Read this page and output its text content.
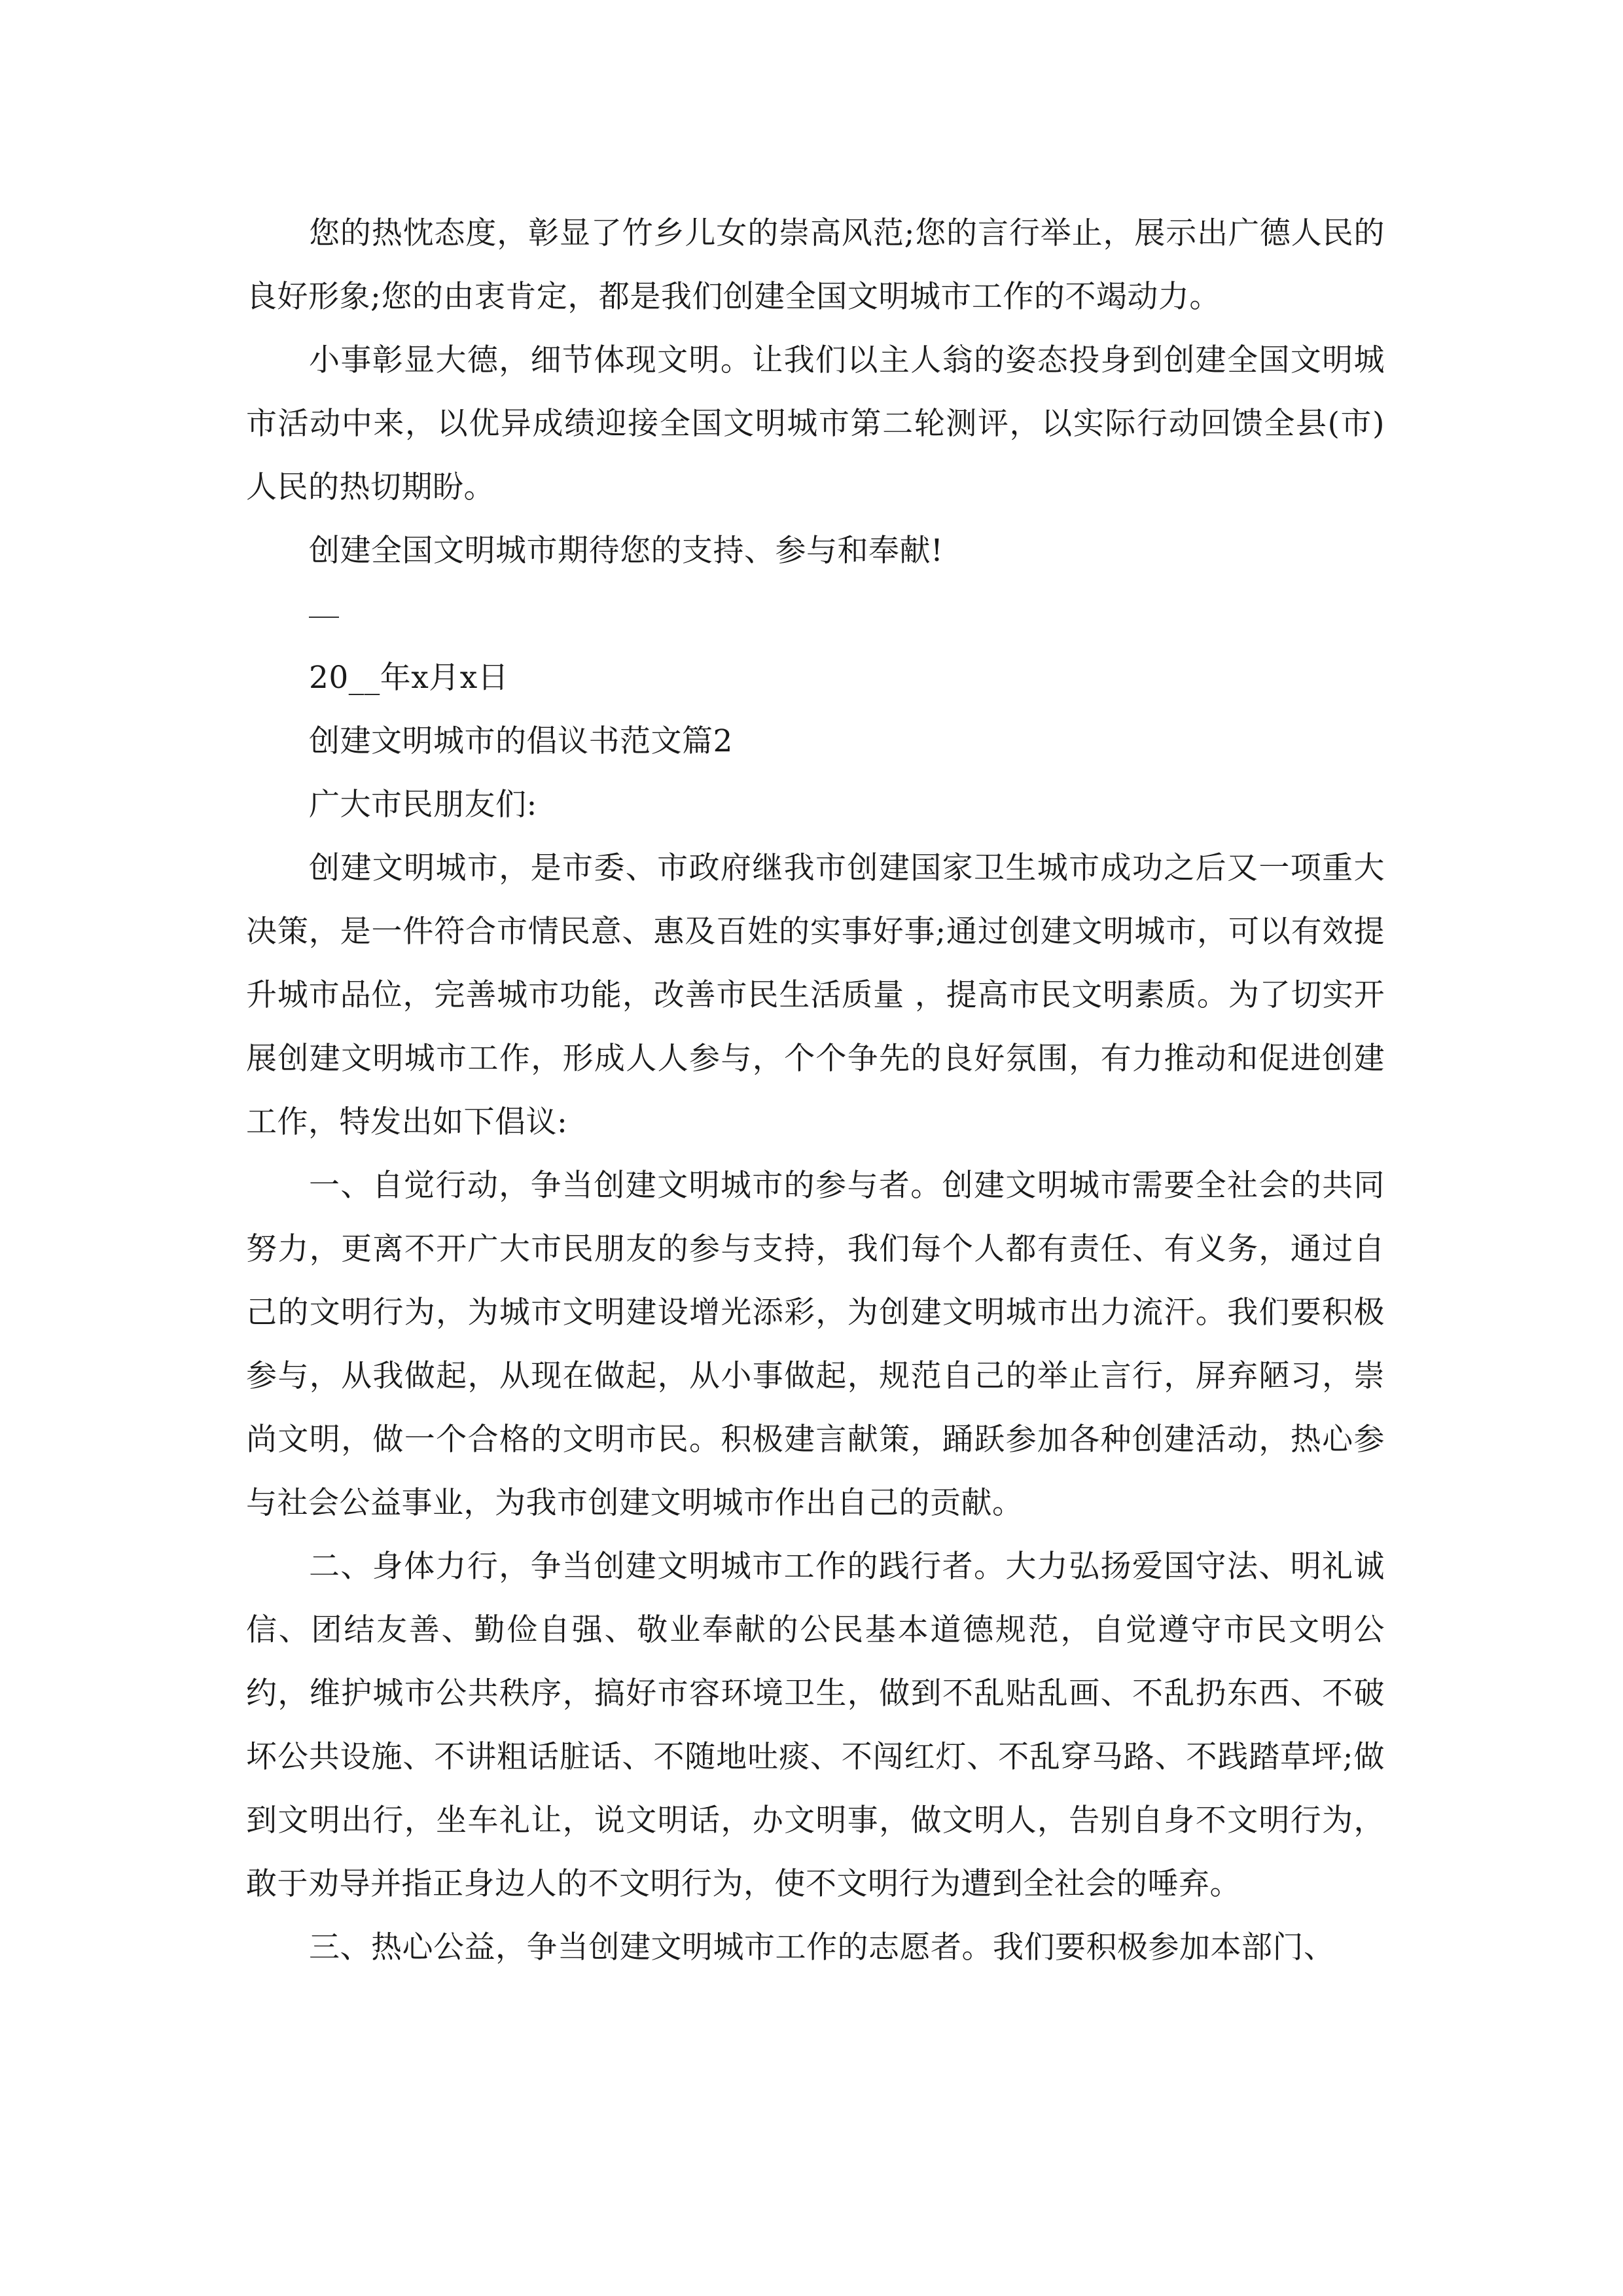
您的热忱态度，彰显了竹乡儿女的崇高风范;您的言行举止，展示出广德人民的良好形象;您的由衷肯定，都是我们创建全国文明城市工作的不竭动力。

小事彰显大德，细节体现文明。让我们以主人翁的姿态投身到创建全国文明城市活动中来，以优异成绩迎接全国文明城市第二轮测评，以实际行动回馈全县(市)人民的热切期盼。

创建全国文明城市期待您的支持、参与和奉献!

20__年x月x日

创建文明城市的倡议书范文篇2

广大市民朋友们:

创建文明城市，是市委、市政府继我市创建国家卫生城市成功之后又一项重大决策，是一件符合市情民意、惠及百姓的实事好事;通过创建文明城市，可以有效提升城市品位，完善城市功能，改善市民生活质量 ，提高市民文明素质。为了切实开展创建文明城市工作，形成人人参与，个个争先的良好氛围，有力推动和促进创建工作，特发出如下倡议:

一、自觉行动，争当创建文明城市的参与者。创建文明城市需要全社会的共同努力，更离不开广大市民朋友的参与支持，我们每个人都有责任、有义务，通过自己的文明行为，为城市文明建设增光添彩，为创建文明城市出力流汗。我们要积极参与，从我做起，从现在做起，从小事做起，规范自己的举止言行，屏弃陋习，崇尚文明，做一个合格的文明市民。积极建言献策，踊跃参加各种创建活动，热心参与社会公益事业，为我市创建文明城市作出自己的贡献。

二、身体力行，争当创建文明城市工作的践行者。大力弘扬爱国守法、明礼诚信、团结友善、勤俭自强、敬业奉献的公民基本道德规范，自觉遵守市民文明公约，维护城市公共秩序，搞好市容环境卫生，做到不乱贴乱画、不乱扔东西、不破坏公共设施、不讲粗话脏话、不随地吐痰、不闯红灯、不乱穿马路、不践踏草坪;做到文明出行，坐车礼让，说文明话，办文明事，做文明人，告别自身不文明行为，敢于劝导并指正身边人的不文明行为，使不文明行为遭到全社会的唾弃。

三、热心公益，争当创建文明城市工作的志愿者。我们要积极参加本部门、
